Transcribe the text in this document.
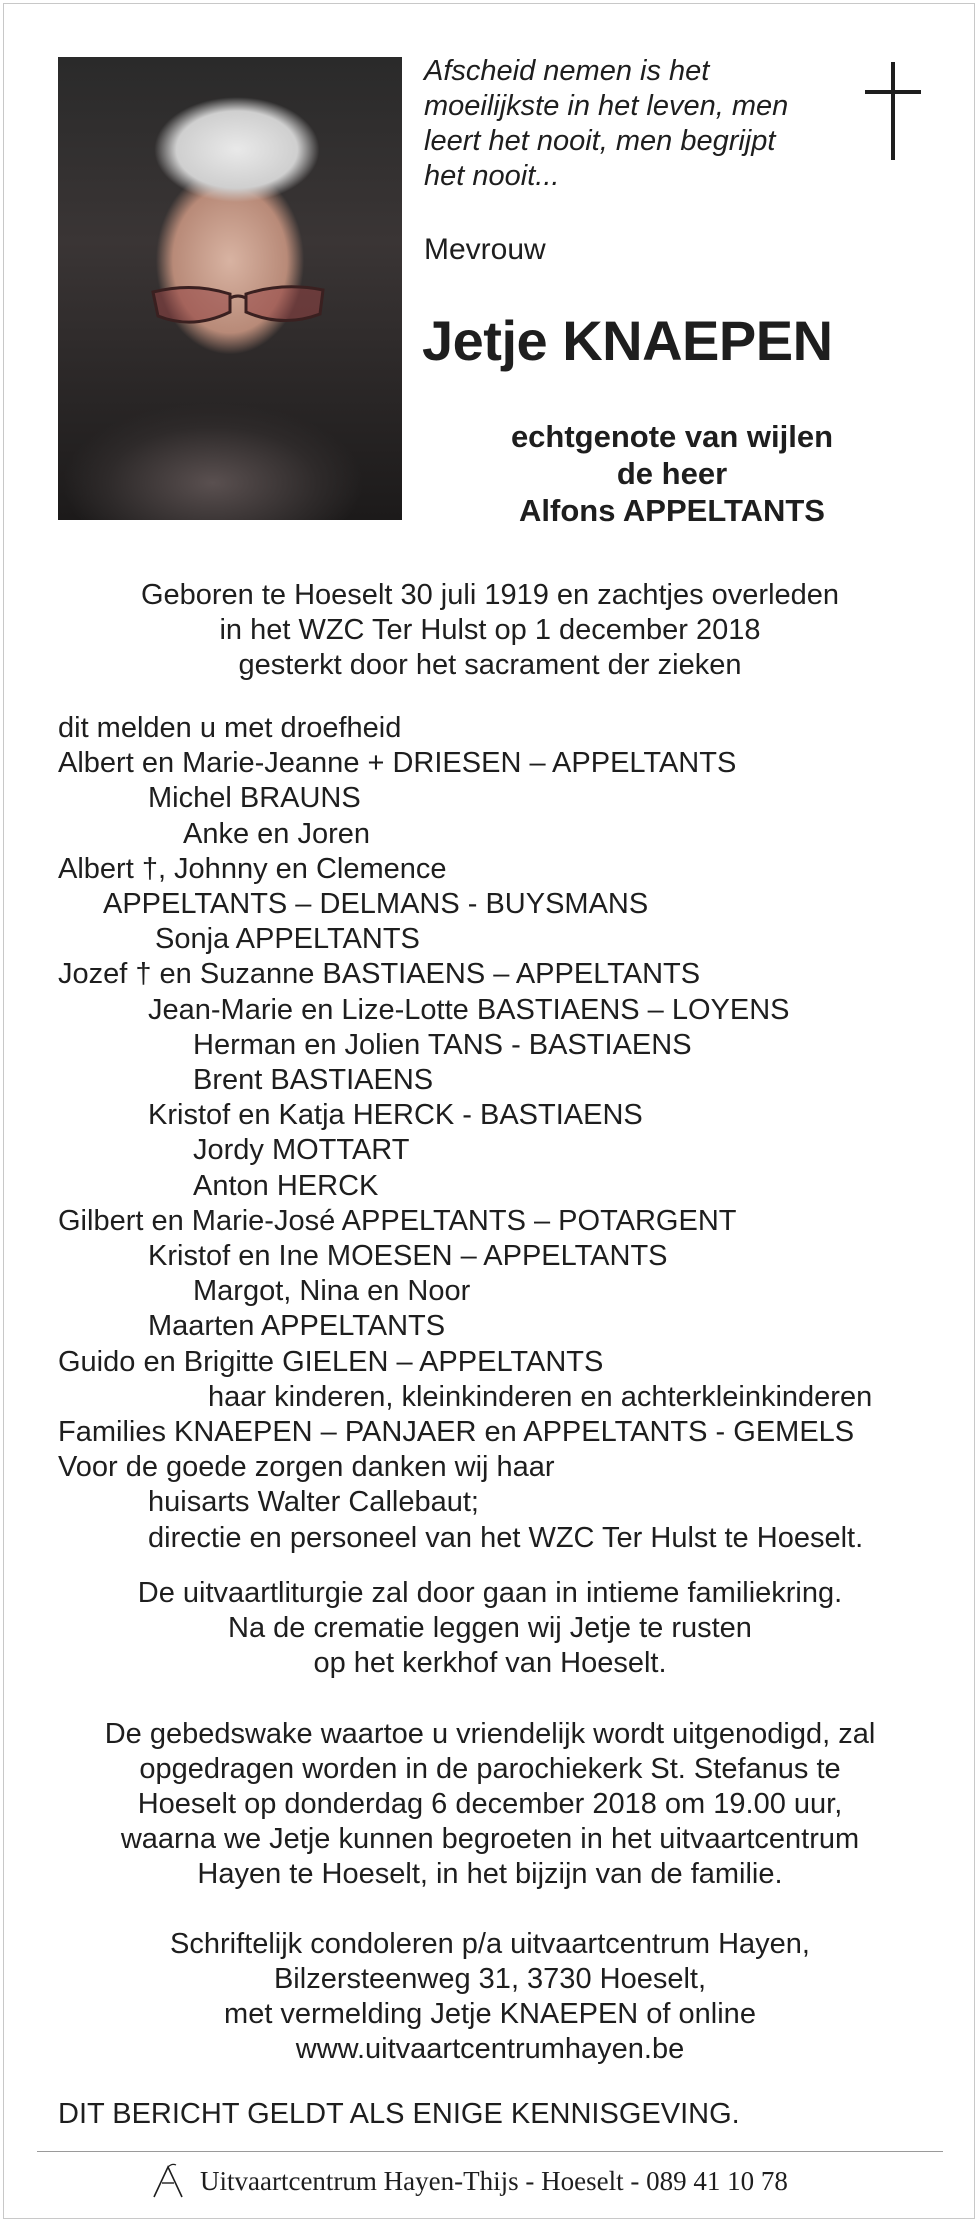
Afscheid nemen is het
moeilijkste in het leven, men
leert het nooit, men begrijpt
het nooit...
Mevrouw
Jetje KNAEPEN
echtgenote van wijlen
de heer
Alfons APPELTANTS
Geboren te Hoeselt 30 juli 1919 en zachtjes overleden
in het WZC Ter Hulst op 1 december 2018
gesterkt door het sacrament der zieken
dit melden u met droefheid
Albert en Marie-Jeanne + DRIESEN – APPELTANTS
Michel BRAUNS
Anke en Joren
Albert †, Johnny en Clemence
APPELTANTS – DELMANS - BUYSMANS
Sonja APPELTANTS
Jozef † en Suzanne BASTIAENS – APPELTANTS
Jean-Marie en Lize-Lotte BASTIAENS – LOYENS
Herman en Jolien TANS - BASTIAENS
Brent BASTIAENS
Kristof en Katja HERCK - BASTIAENS
Jordy MOTTART
Anton HERCK
Gilbert en Marie-José APPELTANTS – POTARGENT
Kristof en Ine MOESEN – APPELTANTS
Margot, Nina en Noor
Maarten APPELTANTS
Guido en Brigitte GIELEN – APPELTANTS
haar kinderen, kleinkinderen en achterkleinkinderen
Families KNAEPEN – PANJAER en APPELTANTS - GEMELS
Voor de goede zorgen danken wij haar
huisarts Walter Callebaut;
directie en personeel van het WZC Ter Hulst te Hoeselt.
De uitvaartliturgie zal door gaan in intieme familiekring.
Na de crematie leggen wij Jetje te rusten
op het kerkhof van Hoeselt.
De gebedswake waartoe u vriendelijk wordt uitgenodigd, zal
opgedragen worden in de parochiekerk St. Stefanus te
Hoeselt op donderdag 6 december 2018 om 19.00 uur,
waarna we Jetje kunnen begroeten in het uitvaartcentrum
Hayen te Hoeselt, in het bijzijn van de familie.
Schriftelijk condoleren p/a uitvaartcentrum Hayen,
Bilzersteenweg 31, 3730 Hoeselt,
met vermelding Jetje KNAEPEN of online
www.uitvaartcentrumhayen.be
DIT BERICHT GELDT ALS ENIGE KENNISGEVING.
Uitvaartcentrum Hayen-Thijs - Hoeselt - 089 41 10 78
